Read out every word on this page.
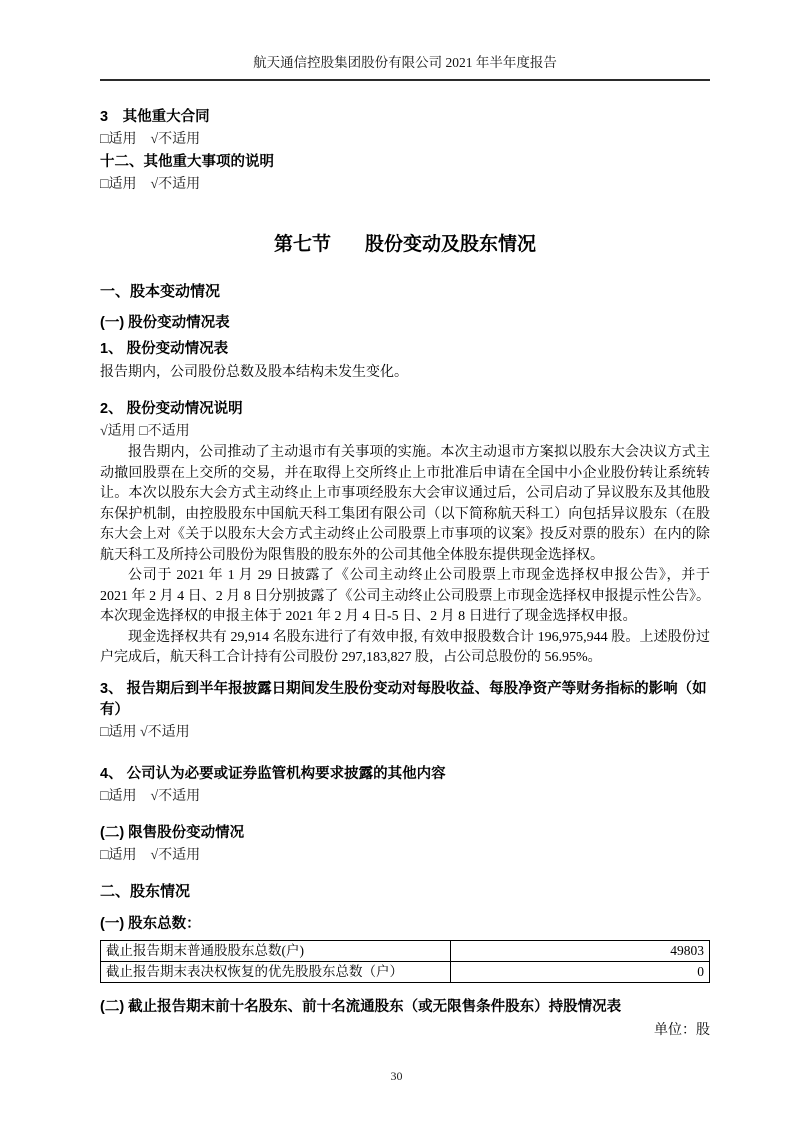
航天通信控股集团股份有限公司 2021 年半年度报告
3　其他重大合同
□适用　√不适用
十二、其他重大事项的说明
□适用　√不适用
第七节 股份变动及股东情况
一、股本变动情况
(一) 股份变动情况表
1、 股份变动情况表
报告期内，公司股份总数及股本结构未发生变化。
2、 股份变动情况说明
√适用 □不适用

报告期内，公司推动了主动退市有关事项的实施。本次主动退市方案拟以股东大会决议方式主动撤回股票在上交所的交易，并在取得上交所终止上市批准后申请在全国中小企业股份转让系统转让。本次以股东大会方式主动终止上市事项经股东大会审议通过后，公司启动了异议股东及其他股东保护机制，由控股股东中国航天科工集团有限公司（以下简称航天科工）向包括异议股东（在股东大会上对《关于以股东大会方式主动终止公司股票上市事项的议案》投反对票的股东）在内的除航天科工及所持公司股份为限售股的股东外的公司其他全体股东提供现金选择权。

公司于 2021 年 1 月 29 日披露了《公司主动终止公司股票上市现金选择权申报公告》，并于 2021 年 2 月 4 日、2 月 8 日分别披露了《公司主动终止公司股票上市现金选择权申报提示性公告》。本次现金选择权的申报主体于 2021 年 2 月 4 日-5 日、2 月 8 日进行了现金选择权申报。

现金选择权共有 29,914 名股东进行了有效申报, 有效申报股数合计 196,975,944 股。上述股份过户完成后，航天科工合计持有公司股份 297,183,827 股，占公司总股份的 56.95%。

3、 报告期后到半年报披露日期间发生股份变动对每股收益、每股净资产等财务指标的影响（如有）
□适用 √不适用
4、 公司认为必要或证券监管机构要求披露的其他内容
□适用　√不适用
(二) 限售股份变动情况
□适用　√不适用
二、股东情况
(一) 股东总数：
截止报告期末普通股股东总数(户)	49803
截止报告期末表决权恢复的优先股股东总数（户）	0
(二) 截止报告期末前十名股东、前十名流通股东（或无限售条件股东）持股情况表
单位：股
30
